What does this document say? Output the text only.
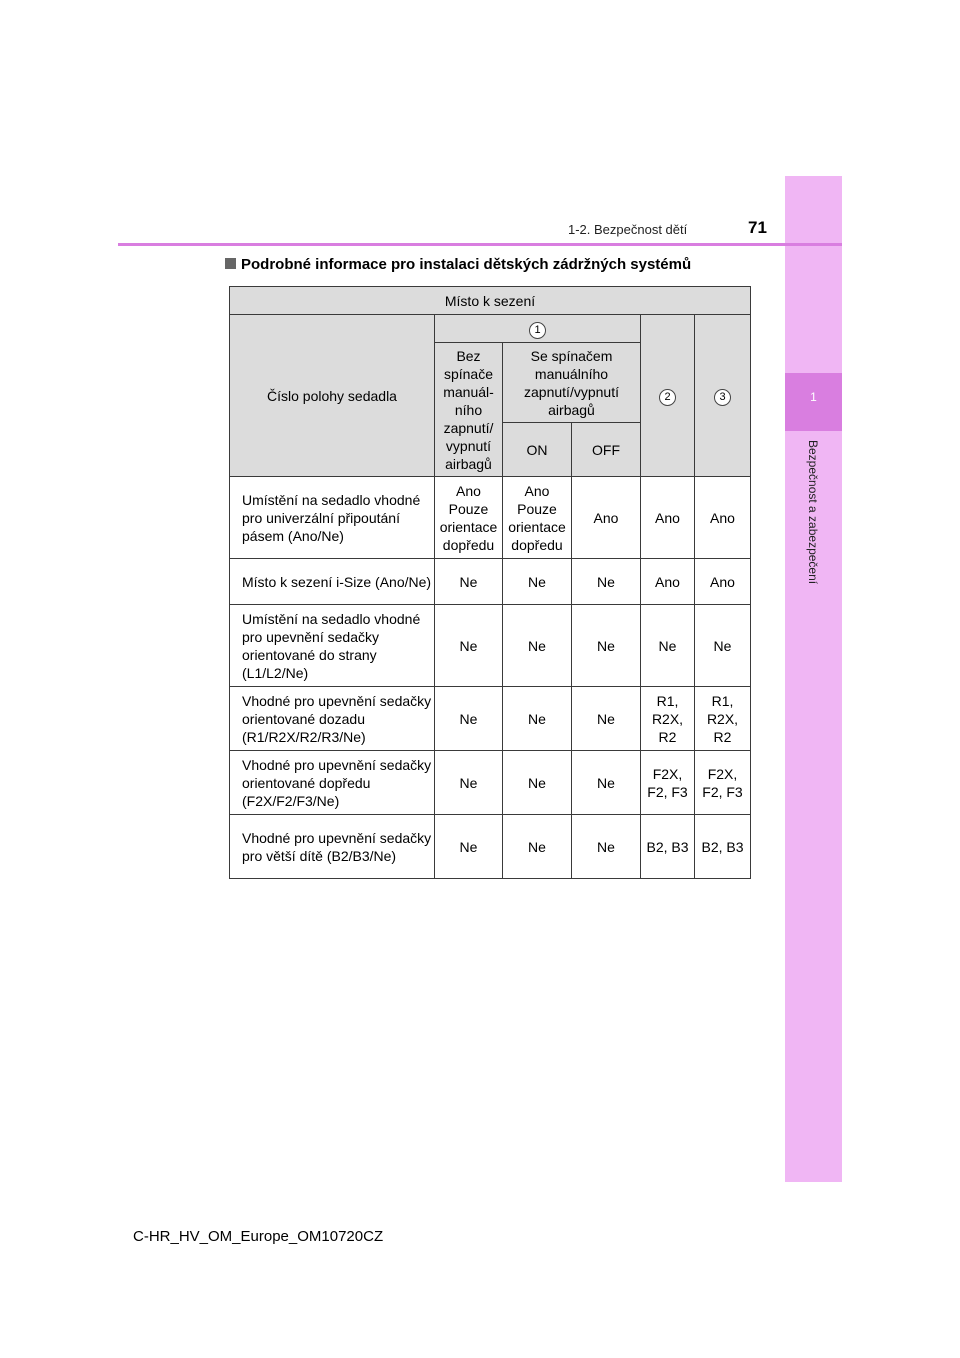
1
Bezpečnost a zabezpečení
1-2. Bezpečnost dětí	71
Podrobné informace pro instalaci dětských zádržných systémů
Místo k sezení					
Číslo polohy sedadla	1			2	3
	Bez spínače manuál-ního zapnutí/ vypnutí airbagů	Se spínačem manuálního zapnutí/vypnutí airbagů			
		ON	OFF		
Umístění na sedadlo vhodné pro univerzální připoutání pásem (Ano/Ne)	Ano Pouze orientace dopředu	Ano Pouze orientace dopředu	Ano	Ano	Ano
Místo k sezení i-Size (Ano/Ne)	Ne	Ne	Ne	Ano	Ano
Umístění na sedadlo vhodné pro upevnění sedačky orientované do strany (L1/L2/Ne)	Ne	Ne	Ne	Ne	Ne
Vhodné pro upevnění sedačky orientované dozadu (R1/R2X/R2/R3/Ne)	Ne	Ne	Ne	R1, R2X, R2	R1, R2X, R2
Vhodné pro upevnění sedačky orientované dopředu (F2X/F2/F3/Ne)	Ne	Ne	Ne	F2X, F2, F3	F2X, F2, F3
Vhodné pro upevnění sedačky pro větší dítě (B2/B3/Ne)	Ne	Ne	Ne	B2, B3	B2, B3
C-HR_HV_OM_Europe_OM10720CZ
